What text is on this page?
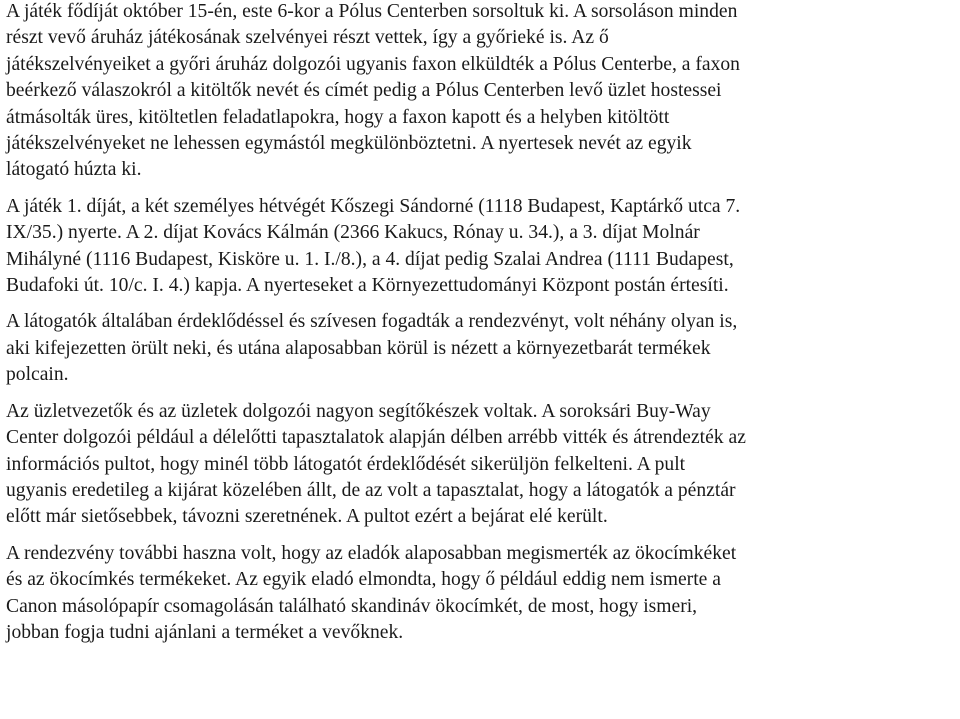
A játék fődíját október 15-én, este 6-kor a Pólus Centerben sorsoltuk ki. A sorsoláson minden
részt vevő áruház játékosának szelvényei részt vettek, így a győrieké is. Az ő
játékszelvényeiket a győri áruház dolgozói ugyanis faxon elküldték a Pólus Centerbe, a faxon
beérkező válaszokról a kitöltők nevét és címét pedig a Pólus Centerben levő üzlet hostessei
átmásolták üres, kitöltetlen feladatlapokra, hogy a faxon kapott és a helyben kitöltött
játékszelvényeket ne lehessen egymástól megkülönböztetni. A nyertesek nevét az egyik
látogató húzta ki.

A játék 1. díját, a két személyes hétvégét Kőszegi Sándorné (1118 Budapest, Kaptárkő utca 7.
IX/35.) nyerte. A 2. díjat Kovács Kálmán (2366 Kakucs, Rónay u. 34.), a 3. díjat Molnár
Mihályné (1116 Budapest, Kisköre u. 1. I./8.), a 4. díjat pedig Szalai Andrea (1111 Budapest,
Budafoki út. 10/c. I. 4.) kapja. A nyerteseket a Környezettudományi Központ postán értesíti.

A látogatók általában érdeklődéssel és szívesen fogadták a rendezvényt, volt néhány olyan is,
aki kifejezetten örült neki, és utána alaposabban körül is nézett a környezetbarát termékek
polcain.

Az üzletvezetők és az üzletek dolgozói nagyon segítőkészek voltak. A soroksári Buy-Way
Center dolgozói például a délelőtti tapasztalatok alapján délben arrébb vitték és átrendezték az
információs pultot, hogy minél több látogatót érdeklődését sikerüljön felkelteni. A pult
ugyanis eredetileg a kijárat közelében állt, de az volt a tapasztalat, hogy a látogatók a pénztár
előtt már sietősebbek, távozni szeretnének. A pultot ezért a bejárat elé került.

A rendezvény további haszna volt, hogy az eladók alaposabban megismerték az ökocímkéket
és az ökocímkés termékeket. Az egyik eladó elmondta, hogy ő például eddig nem ismerte a
Canon másolópapír csomagolásán található skandináv ökocímkét, de most, hogy ismeri,
jobban fogja tudni ajánlani a terméket a vevőknek.
